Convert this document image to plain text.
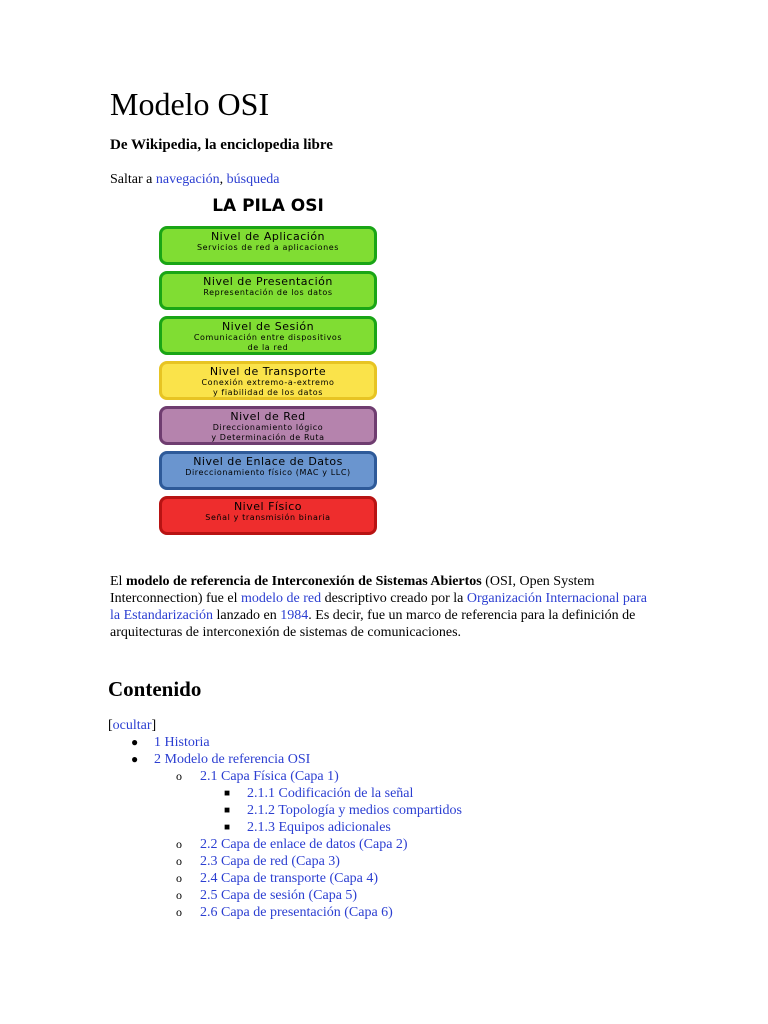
Modelo OSI
De Wikipedia, la enciclopedia libre
Saltar a navegación, búsqueda
LA PILA OSI
Nivel de Aplicación
Servicios de red a aplicaciones
Nivel de Presentación
Representación de los datos
Nivel de Sesión
Comunicación entre dispositivos
de la red
Nivel de Transporte
Conexión extremo-a-extremo
y fiabilidad de los datos
Nivel de Red
Direccionamiento lógico
y Determinación de Ruta
Nivel de Enlace de Datos
Direccionamiento físico (MAC y LLC)
Nivel Físico
Señal y transmisión binaria
El modelo de referencia de Interconexión de Sistemas Abiertos (OSI, Open System Interconnection) fue el modelo de red descriptivo creado por la Organización Internacional para la Estandarización lanzado en 1984. Es decir, fue un marco de referencia para la definición de arquitecturas de interconexión de sistemas de comunicaciones.
Contenido
[ocultar]
● 1 Historia
● 2 Modelo de referencia OSI
o 2.1 Capa Física (Capa 1)
■ 2.1.1 Codificación de la señal
■ 2.1.2 Topología y medios compartidos
■ 2.1.3 Equipos adicionales
o 2.2 Capa de enlace de datos (Capa 2)
o 2.3 Capa de red (Capa 3)
o 2.4 Capa de transporte (Capa 4)
o 2.5 Capa de sesión (Capa 5)
o 2.6 Capa de presentación (Capa 6)
